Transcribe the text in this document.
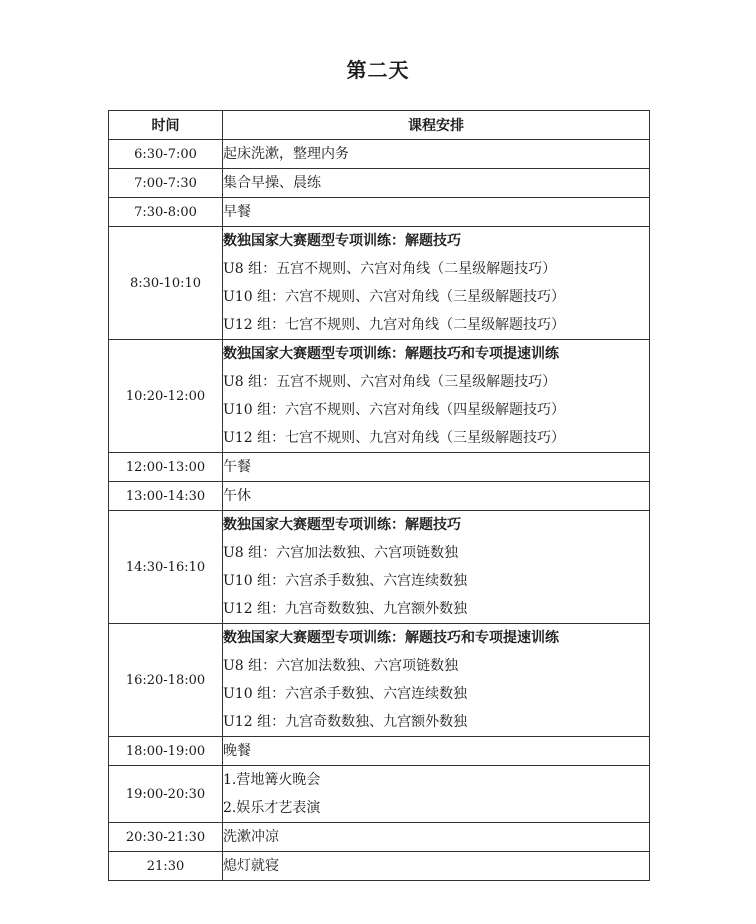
第二天
时间	课程安排
6:30-7:00	起床洗漱，整理内务

7:00-7:30	集合早操、晨练

7:30-8:00	早餐

8:30-10:10	数独国家大赛题型专项训练：解题技巧
U8 组：五宫不规则、六宫对角线（二星级解题技巧）
U10 组：六宫不规则、六宫对角线（三星级解题技巧）
U12 组：七宫不规则、九宫对角线（二星级解题技巧）

10:20-12:00	数独国家大赛题型专项训练：解题技巧和专项提速训练
U8 组：五宫不规则、六宫对角线（三星级解题技巧）
U10 组：六宫不规则、六宫对角线（四星级解题技巧）
U12 组：七宫不规则、九宫对角线（三星级解题技巧）

12:00-13:00	午餐

13:00-14:30	午休

14:30-16:10	数独国家大赛题型专项训练：解题技巧
U8 组：六宫加法数独、六宫项链数独
U10 组：六宫杀手数独、六宫连续数独
U12 组：九宫奇数数独、九宫额外数独

16:20-18:00	数独国家大赛题型专项训练：解题技巧和专项提速训练
U8 组：六宫加法数独、六宫项链数独
U10 组：六宫杀手数独、六宫连续数独
U12 组：九宫奇数数独、九宫额外数独

18:00-19:00	晚餐

19:00-20:30	1.营地篝火晚会
2.娱乐才艺表演

20:30-21:30	洗漱冲凉

21:30	熄灯就寝
